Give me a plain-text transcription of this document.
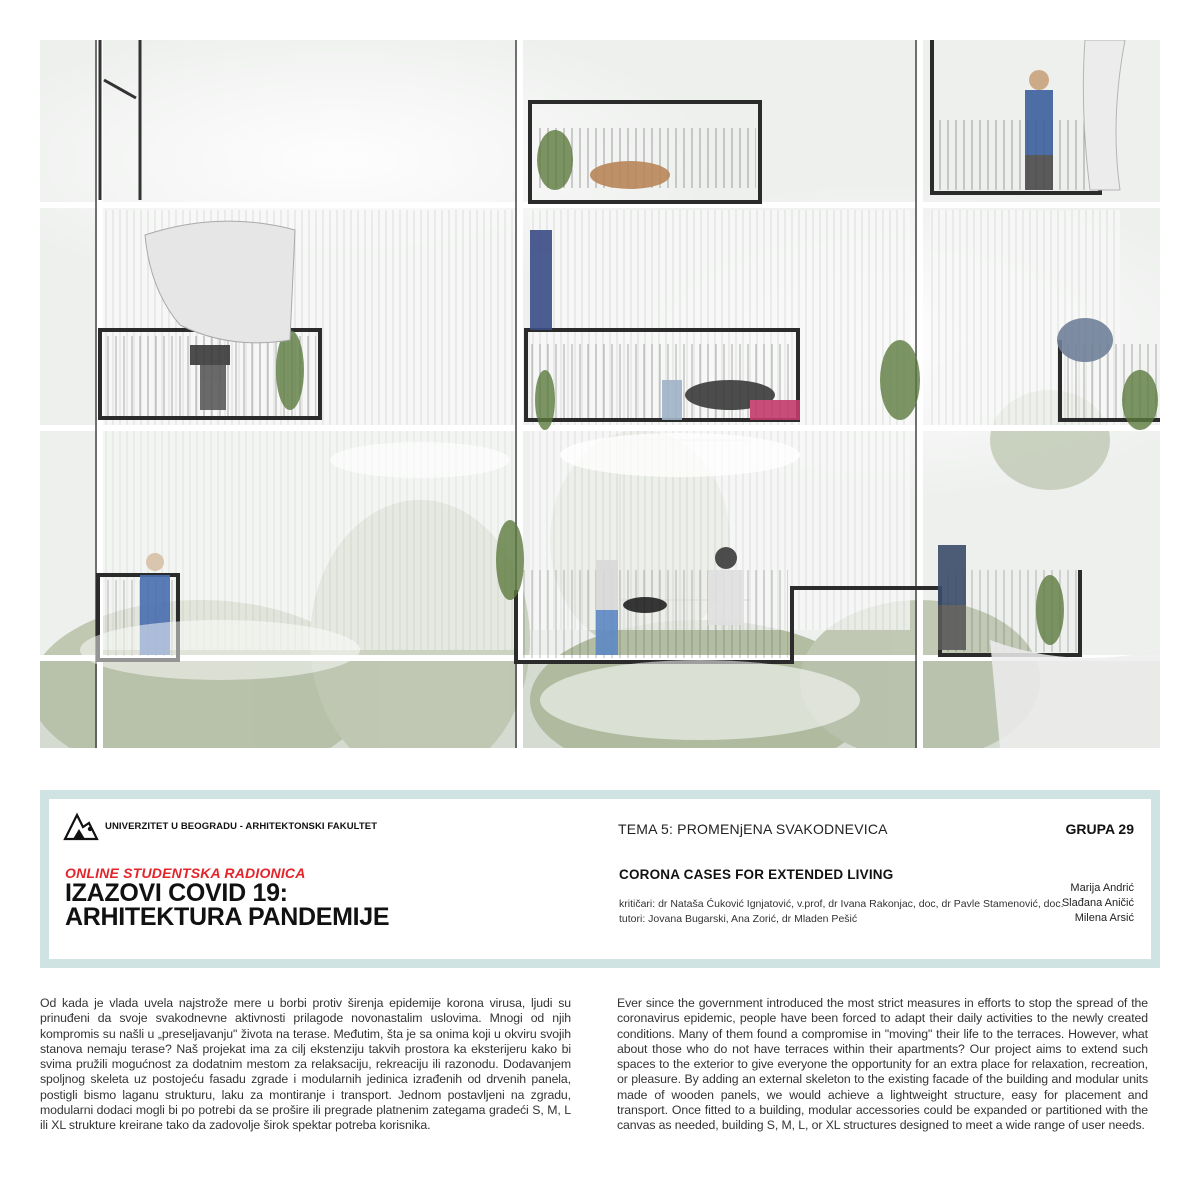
UNIVERZITET U BEOGRADU - ARHITEKTONSKI FAKULTET
ONLINE STUDENTSKA RADIONICA
IZAZOVI COVID 19:
ARHITEKTURA PANDEMIJE
TEMA 5: PROMENjENA SVAKODNEVICA	GRUPA 29
CORONA CASES FOR EXTENDED LIVING
kritičari: dr Nataša Ćuković Ignjatović, v.prof, dr Ivana Rakonjac, doc, dr Pavle Stamenović, doc.
tutori: Jovana Bugarski, Ana Zorić, dr Mladen Pešić
Marija Andrić
Slađana Aničić
Milena Arsić
Od kada je vlada uvela najstrože mere u borbi protiv širenja epidemije korona virusa, ljudi su prinuđeni da svoje svakodnevne aktivnosti prilagode novonastalim uslovima. Mnogi od njih kompromis su našli u „preseljavanju" života na terase. Međutim, šta je sa onima koji u okviru svojih stanova nemaju terase? Naš projekat ima za cilj ekstenziju takvih prostora ka eksterijeru kako bi svima pružili mogućnost za dodatnim mestom za relaksaciju, rekreaciju ili razonodu. Dodavanjem spoljnog skeleta uz postojeću fasadu zgrade i modularnih jedinica izrađenih od drvenih panela, postigli bismo laganu strukturu, laku za montiranje i transport. Jednom postavljeni na zgradu, modularni dodaci mogli bi po potrebi da se prošire ili pregrade platnenim zategama gradeći S, M, L ili XL strukture kreirane tako da zadovolje širok spektar potreba korisnika.
Ever since the government introduced the most strict measures in efforts to stop the spread of the coronavirus epidemic, people have been forced to adapt their daily activities to the newly created conditions. Many of them found a compromise in "moving" their life to the terraces. However, what about those who do not have terraces within their apartments? Our project aims to extend such spaces to the exterior to give everyone the opportunity for an extra place for relaxation, recreation, or pleasure. By adding an external skeleton to the existing facade of the building and modular units made of wooden panels, we would achieve a lightweight structure, easy for placement and transport. Once fitted to a building, modular accessories could be expanded or partitioned with the canvas as needed, building S, M, L, or XL structures designed to meet a wide range of user needs.
